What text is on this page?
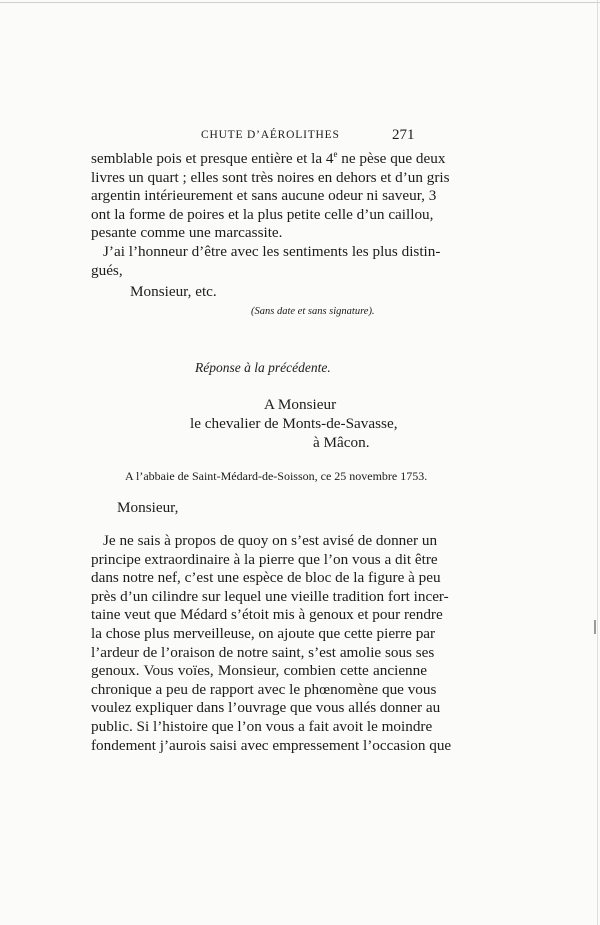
CHUTE D’AÉROLITHES	271
semblable pois et presque entière et la 4e ne pèse que deux
livres un quart ; elles sont très noires en dehors et d’un gris
argentin intérieurement et sans aucune odeur ni saveur, 3
ont la forme de poires et la plus petite celle d’un caillou,
pesante comme une marcassite.
J’ai l’honneur d’être avec les sentiments les plus distin-
gués,
Monsieur, etc.
(Sans date et sans signature).
Réponse à la précédente.
A Monsieur
le chevalier de Monts-de-Savasse,
à Mâcon.
A l’abbaie de Saint-Médard-de-Soisson, ce 25 novembre 1753.
Monsieur,
Je ne sais à propos de quoy on s’est avisé de donner un
principe extraordinaire à la pierre que l’on vous a dit être
dans notre nef, c’est une espèce de bloc de la figure à peu
près d’un cilindre sur lequel une vieille tradition fort incer-
taine veut que Médard s’étoit mis à genoux et pour rendre
la chose plus merveilleuse, on ajoute que cette pierre par
l’ardeur de l’oraison de notre saint, s’est amolie sous ses
genoux. Vous voïes, Monsieur, combien cette ancienne
chronique a peu de rapport avec le phœnomène que vous
voulez expliquer dans l’ouvrage que vous allés donner au
public. Si l’histoire que l’on vous a fait avoit le moindre
fondement j’aurois saisi avec empressement l’occasion que
